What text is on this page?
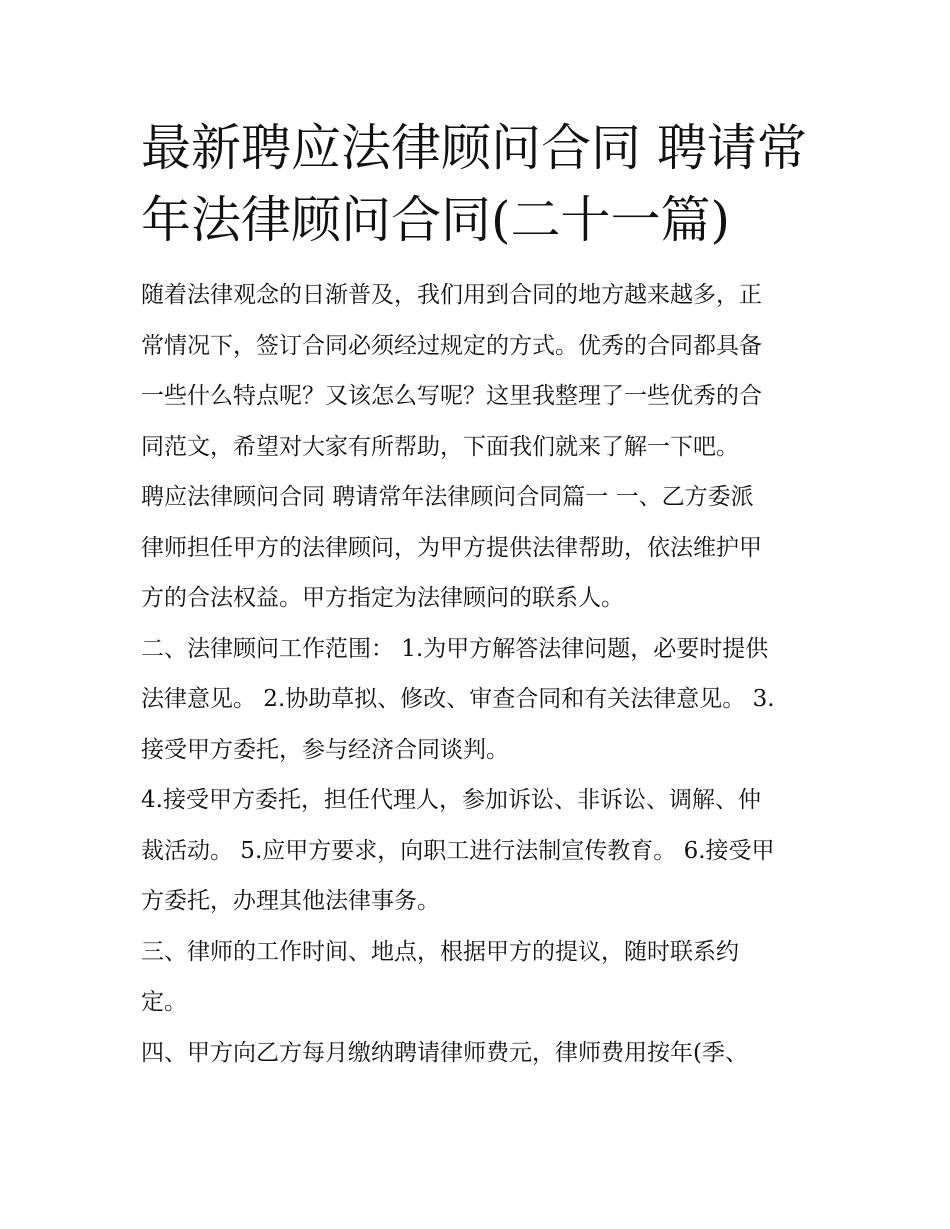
最新聘应法律顾问合同 聘请常
年法律顾问合同(二十一篇)
随着法律观念的日渐普及，我们用到合同的地方越来越多，正
常情况下，签订合同必须经过规定的方式。优秀的合同都具备
一些什么特点呢？又该怎么写呢？这里我整理了一些优秀的合
同范文，希望对大家有所帮助，下面我们就来了解一下吧。
聘应法律顾问合同 聘请常年法律顾问合同篇一 一、乙方委派
律师担任甲方的法律顾问，为甲方提供法律帮助，依法维护甲
方的合法权益。甲方指定为法律顾问的联系人。
二、法律顾问工作范围： 1.为甲方解答法律问题，必要时提供
法律意见。 2.协助草拟、修改、审查合同和有关法律意见。 3.
接受甲方委托，参与经济合同谈判。
4.接受甲方委托，担任代理人，参加诉讼、非诉讼、调解、仲
裁活动。 5.应甲方要求，向职工进行法制宣传教育。 6.接受甲
方委托，办理其他法律事务。
三、律师的工作时间、地点，根据甲方的提议，随时联系约
定。
四、甲方向乙方每月缴纳聘请律师费元，律师费用按年(季、
